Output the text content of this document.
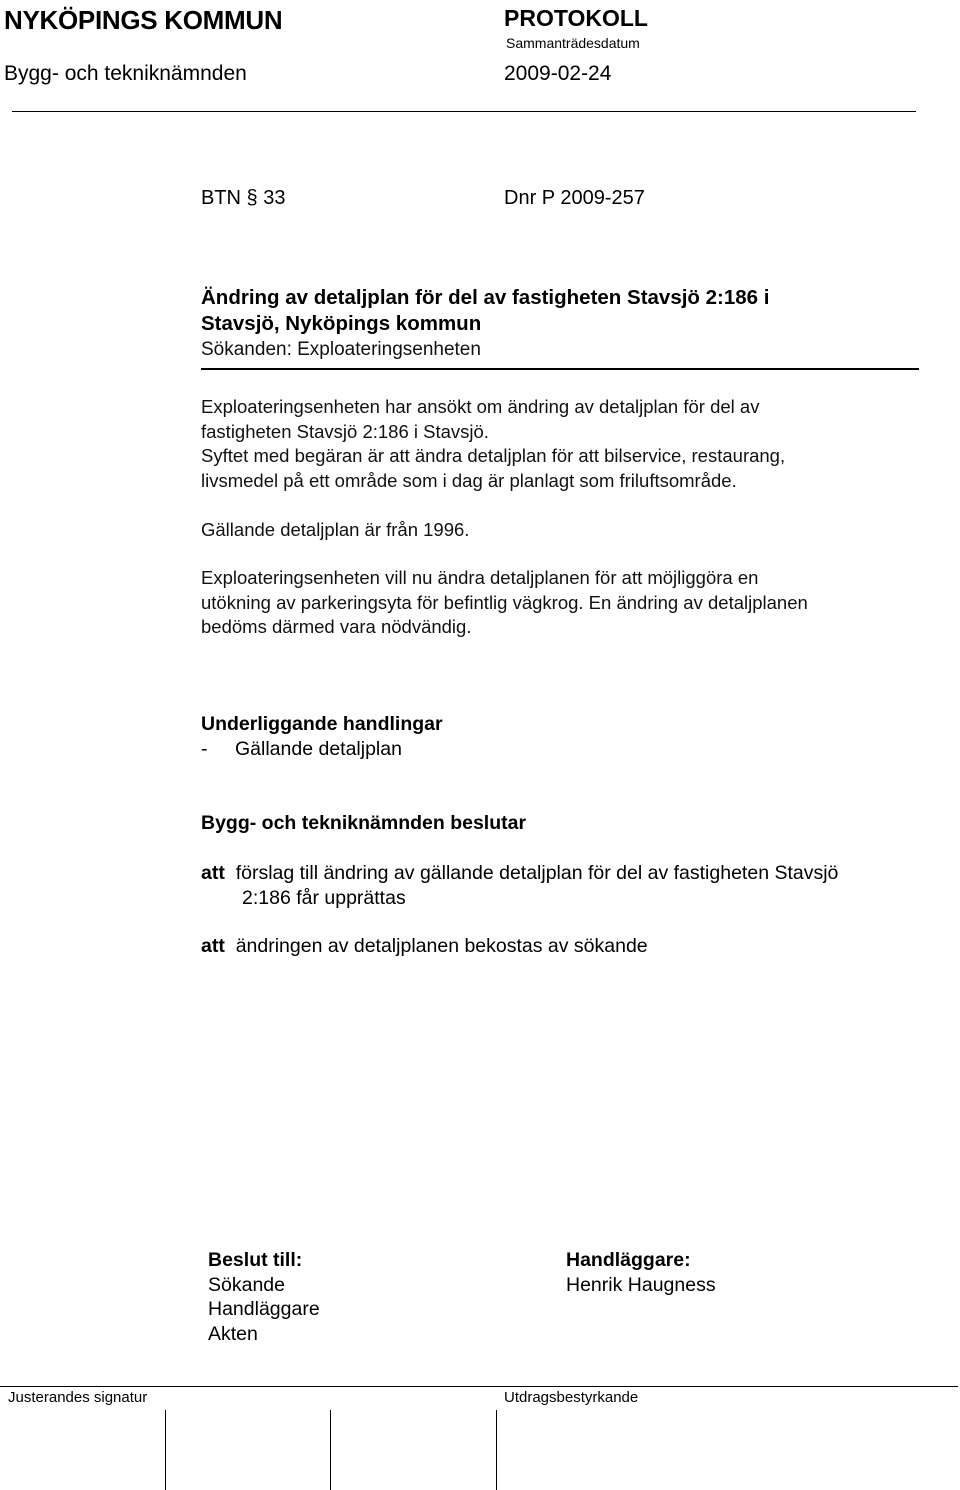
NYKÖPINGS KOMMUN	PROTOKOLL
Sammanträdesdatum
Bygg- och tekniknämnden	2009-02-24
BTN § 33	Dnr P 2009-257
Ändring av detaljplan för del av fastigheten Stavsjö 2:186 i
Stavsjö, Nyköpings kommun
Sökanden: Exploateringsenheten
Exploateringsenheten har ansökt om ändring av detaljplan för del av
fastigheten Stavsjö 2:186 i Stavsjö.
Syftet med begäran är att ändra detaljplan för att bilservice, restaurang,
livsmedel på ett område som i dag är planlagt som friluftsområde.
Gällande detaljplan är från 1996.
Exploateringsenheten vill nu ändra detaljplanen för att möjliggöra en
utökning av parkeringsyta för befintlig vägkrog. En ändring av detaljplanen
bedöms därmed vara nödvändig.
Underliggande handlingar
- Gällande detaljplan
Bygg- och tekniknämnden beslutar
att förslag till ändring av gällande detaljplan för del av fastigheten Stavsjö
2:186 får upprättas
att ändringen av detaljplanen bekostas av sökande
Beslut till:
Sökande
Handläggare
Akten
Handläggare:
Henrik Haugness
Justerandes signatur	Utdragsbestyrkande
